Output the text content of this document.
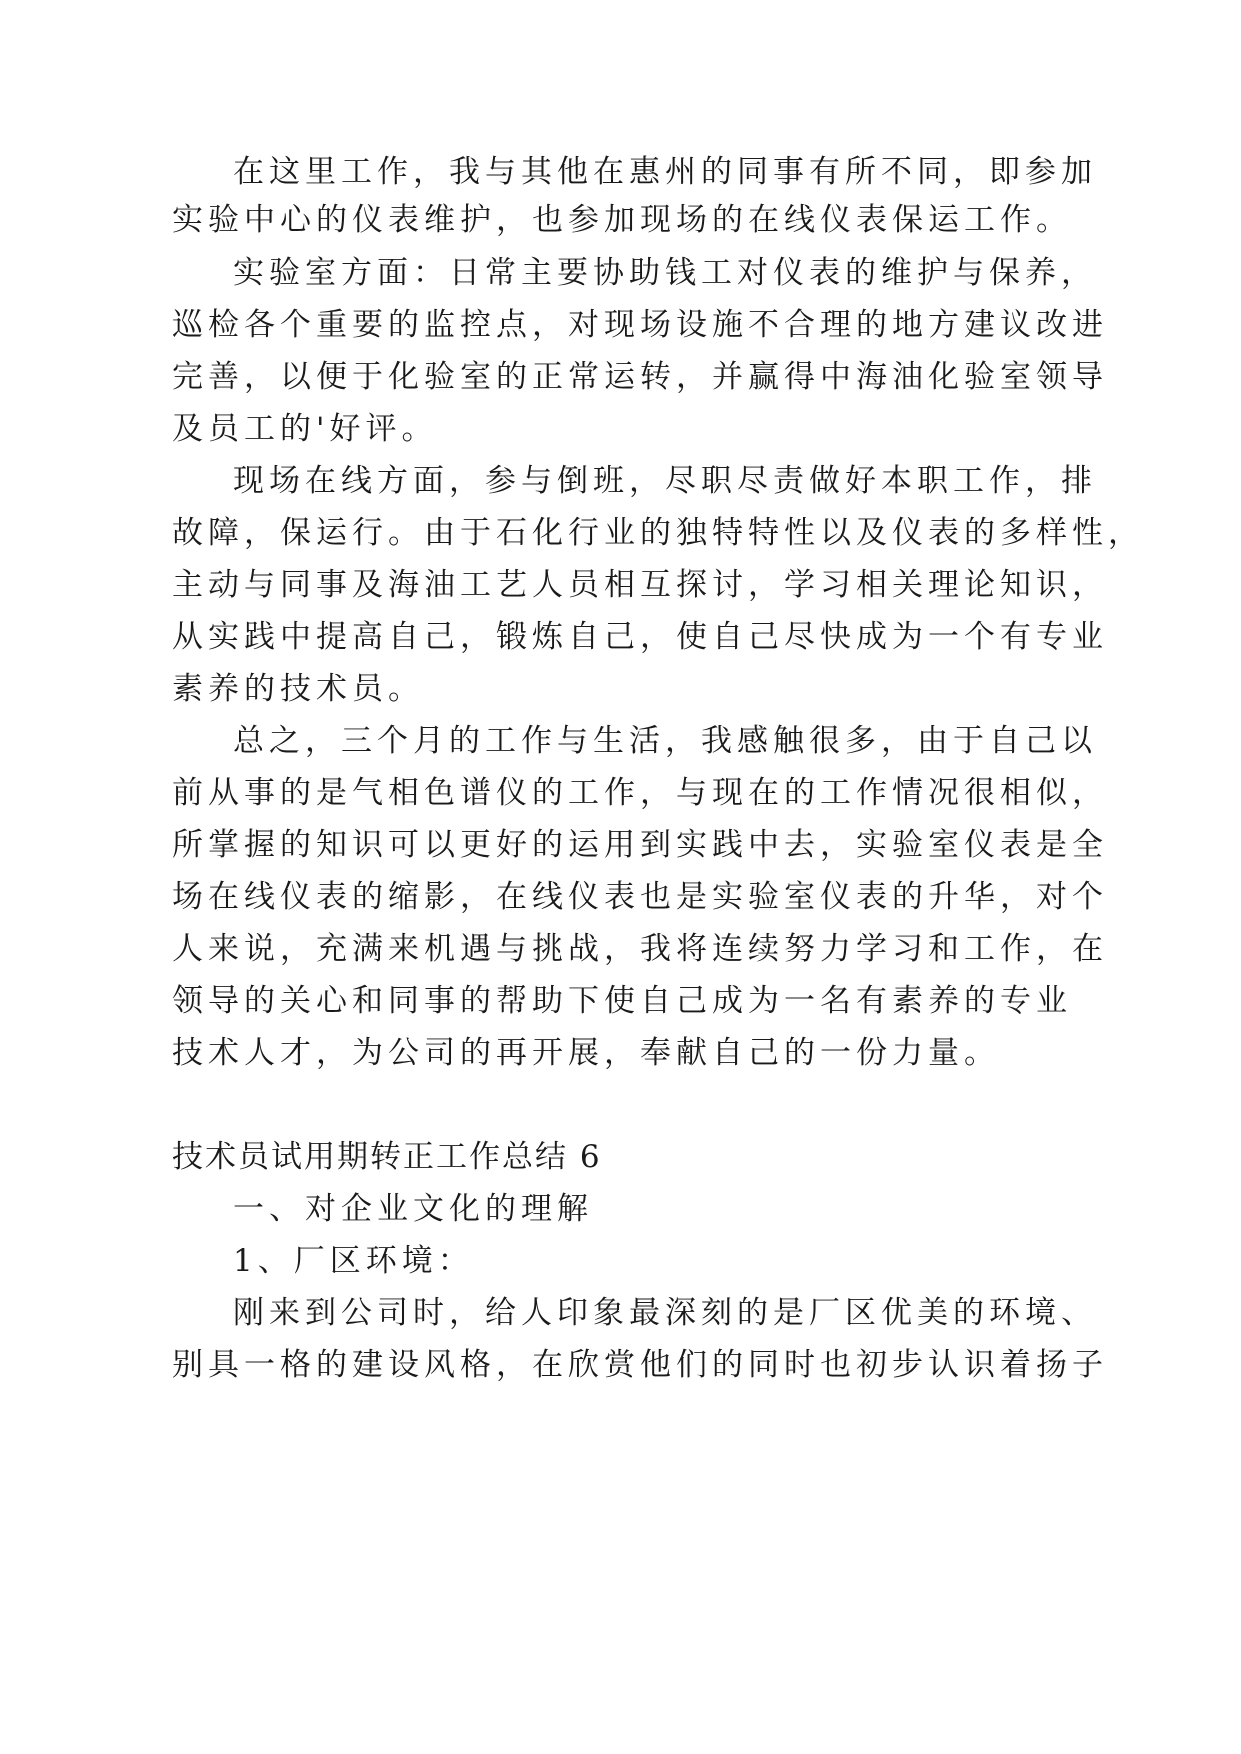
在这里工作，我与其他在惠州的同事有所不同，即参加
实验中心的仪表维护，也参加现场的在线仪表保运工作。
实验室方面：日常主要协助钱工对仪表的维护与保养，
巡检各个重要的监控点，对现场设施不合理的地方建议改进
完善，以便于化验室的正常运转，并赢得中海油化验室领导
及员工的'好评。
现场在线方面，参与倒班，尽职尽责做好本职工作，排
故障，保运行。由于石化行业的独特特性以及仪表的多样性，
主动与同事及海油工艺人员相互探讨，学习相关理论知识，
从实践中提高自己，锻炼自己，使自己尽快成为一个有专业
素养的技术员。
总之，三个月的工作与生活，我感触很多，由于自己以
前从事的是气相色谱仪的工作，与现在的工作情况很相似，
所掌握的知识可以更好的运用到实践中去，实验室仪表是全
场在线仪表的缩影，在线仪表也是实验室仪表的升华，对个
人来说，充满来机遇与挑战，我将连续努力学习和工作，在
领导的关心和同事的帮助下使自己成为一名有素养的专业
技术人才，为公司的再开展，奉献自己的一份力量。
技术员试用期转正工作总结 6
一、对企业文化的理解
1、厂区环境：
刚来到公司时，给人印象最深刻的是厂区优美的环境、
别具一格的建设风格，在欣赏他们的同时也初步认识着扬子
